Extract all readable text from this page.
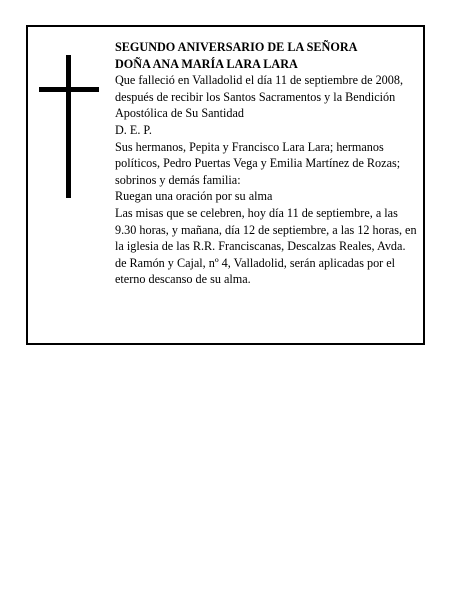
SEGUNDO ANIVERSARIO DE LA SEÑORA

DOÑA ANA MARÍA LARA LARA

Que falleció en Valladolid el día 11 de septiembre de 2008, después de recibir los Santos Sacramentos y la Bendición Apostólica de Su Santidad

D. E. P.

Sus hermanos, Pepita y Francisco Lara Lara; hermanos políticos, Pedro Puertas Vega y Emilia Martínez de Rozas; sobrinos y demás familia:

Ruegan una oración por su alma

Las misas que se celebren, hoy día 11 de septiembre, a las 9.30 horas, y mañana, día 12 de septiembre, a las 12 horas, en la iglesia de las R.R. Franciscanas, Descalzas Reales, Avda. de Ramón y Cajal, nº 4, Valladolid, serán aplicadas por el eterno descanso de su alma.
